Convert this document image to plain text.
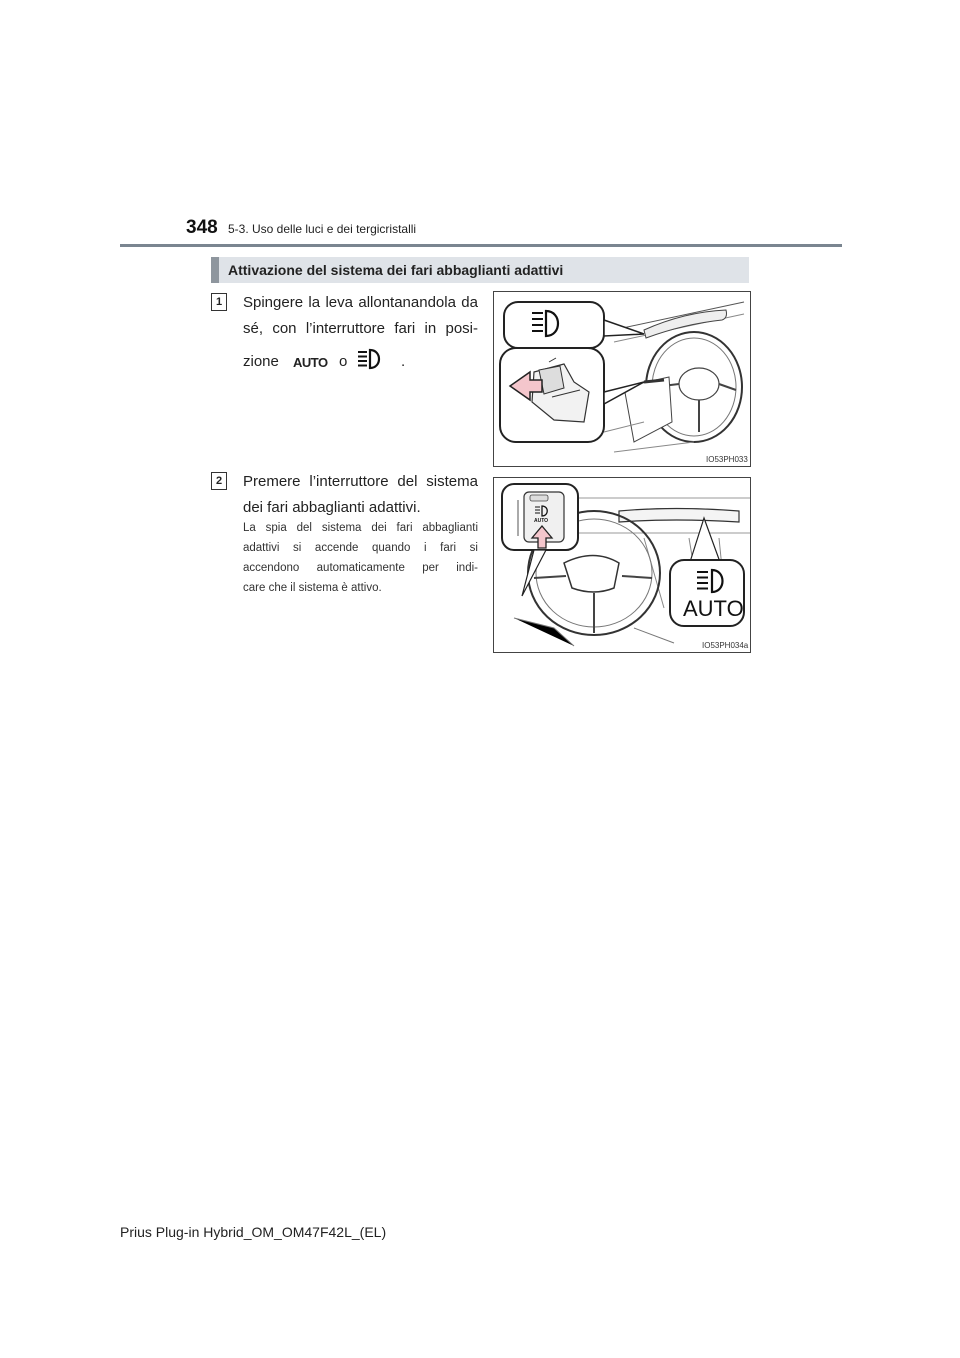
348 5-3. Uso delle luci e dei tergicristalli
Attivazione del sistema dei fari abbaglianti adattivi
1	Spingere la leva allontanandola da
sé, con l’interruttore fari in posi-
zione AUTO o	.
IO53PH033
2	Premere l’interruttore del sistema
dei fari abbaglianti adattivi.
La spia del sistema dei fari abbaglianti
adattivi si accende quando i fari si
accendono automaticamente per indi-
care che il sistema è attivo.
AUTO
AUTO
IO53PH034a
Prius Plug-in Hybrid_OM_OM47F42L_(EL)
